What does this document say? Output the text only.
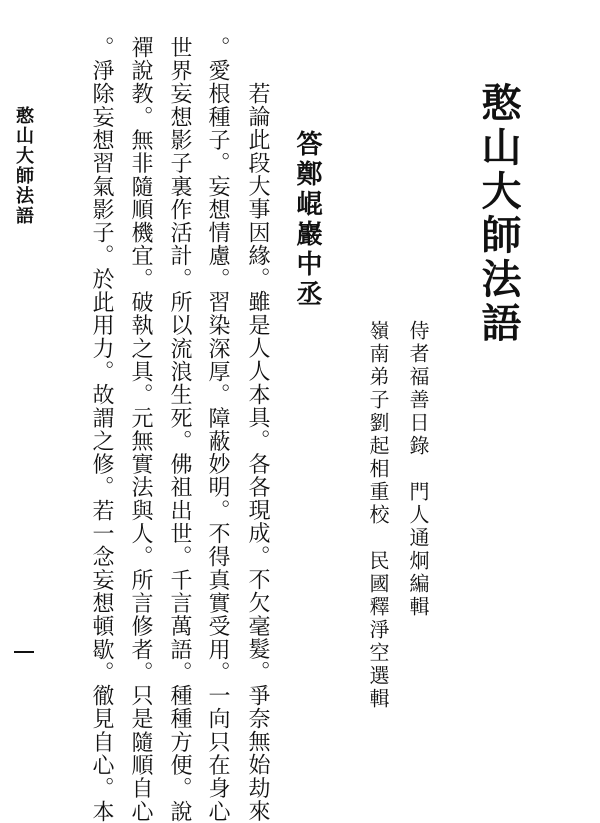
憨山大師法語
侍者福善日錄　門人通炯編輯
嶺南弟子劉起相重校　民國釋淨空選輯
答鄭崐巖中丞
若論此段大事因緣。雖是人人本具。各各現成。不欠毫髮。爭奈無始劫來
。愛根種子。妄想情慮。習染深厚。障蔽妙明。不得真實受用。一向只在身心
世界妄想影子裏作活計。所以流浪生死。佛祖出世。千言萬語。種種方便。說
禪說教。無非隨順機宜。破執之具。元無實法與人。所言修者。只是隨順自心
。淨除妄想習氣影子。於此用力。故謂之修。若一念妄想頓歇。徹見自心。本
憨山大師法語
